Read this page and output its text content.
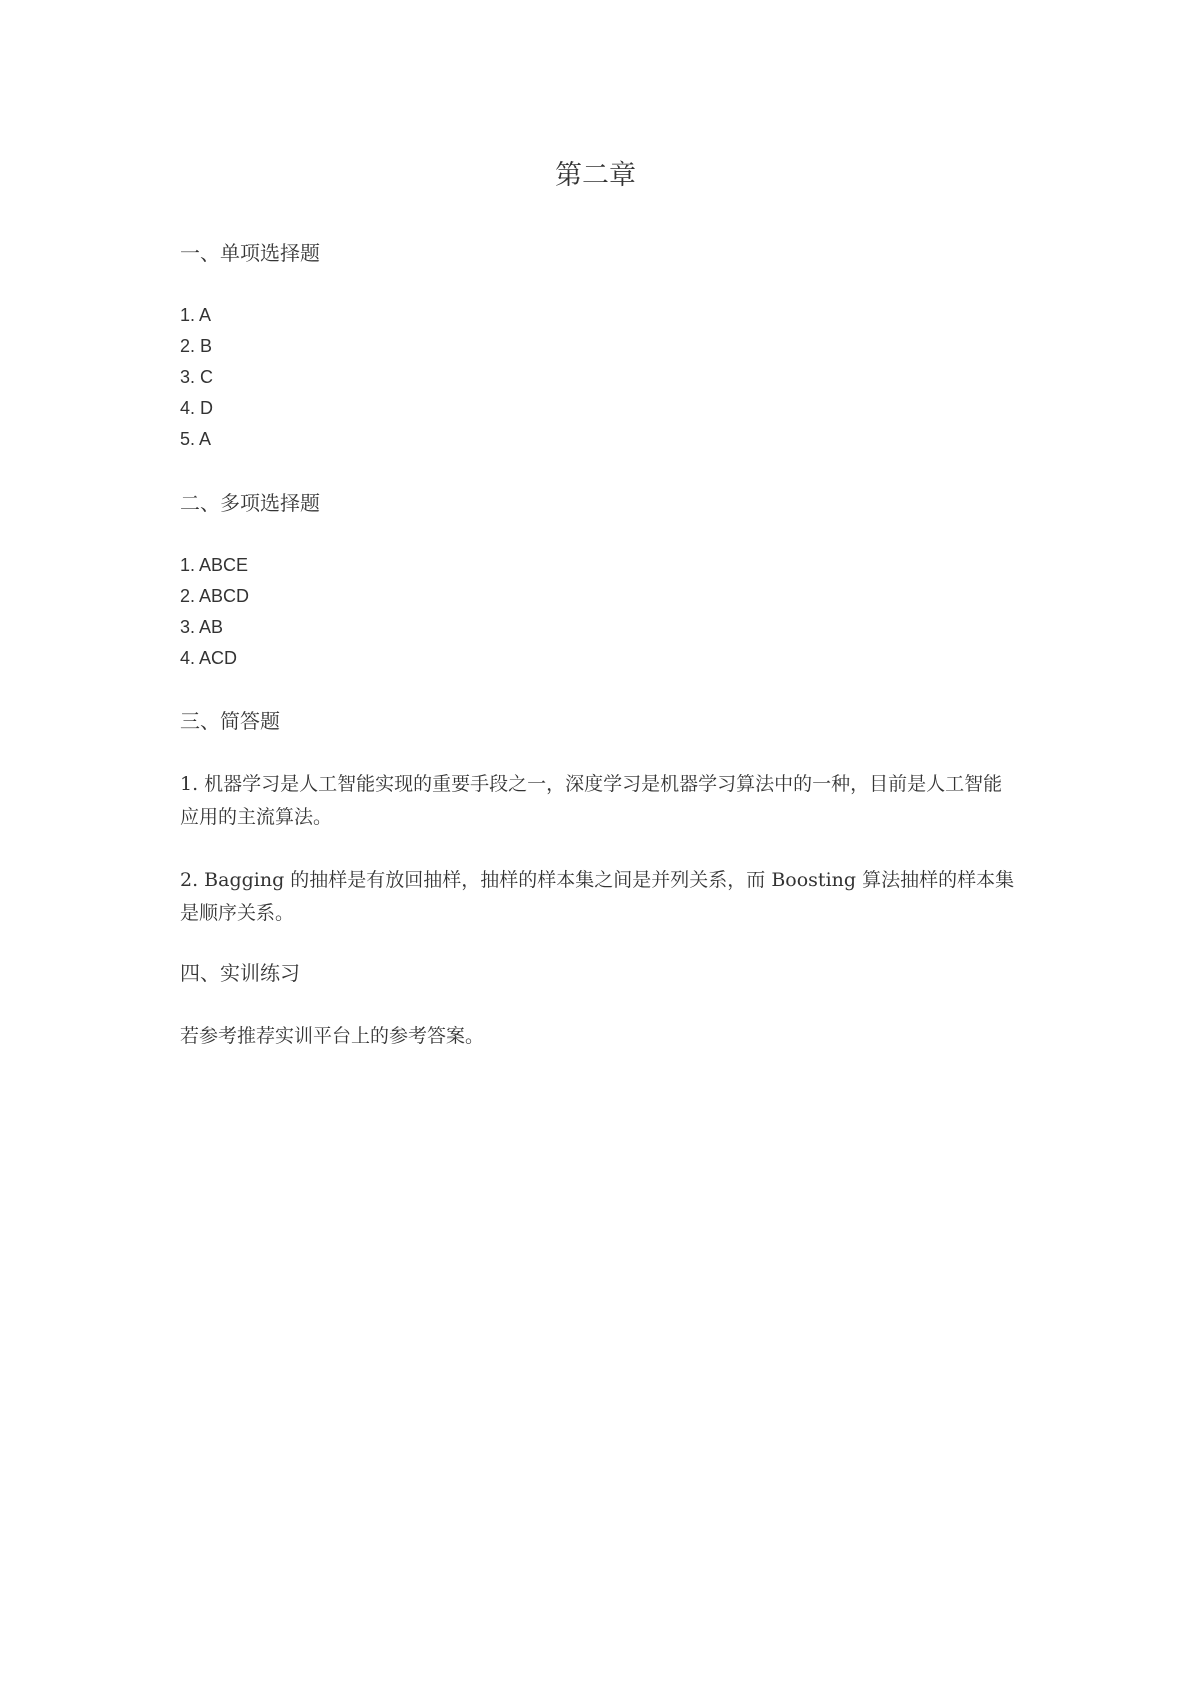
第二章
一、单项选择题
1. A
2. B
3. C
4. D
5. A
二、多项选择题
1. ABCE
2. ABCD
3. AB
4. ACD
三、简答题

1. 机器学习是人工智能实现的重要手段之一，深度学习是机器学习算法中的一种，目前是人工智能应用的主流算法。

2. Bagging 的抽样是有放回抽样，抽样的样本集之间是并列关系，而 Boosting 算法抽样的样本集是顺序关系。

四、实训练习

若参考推荐实训平台上的参考答案。
